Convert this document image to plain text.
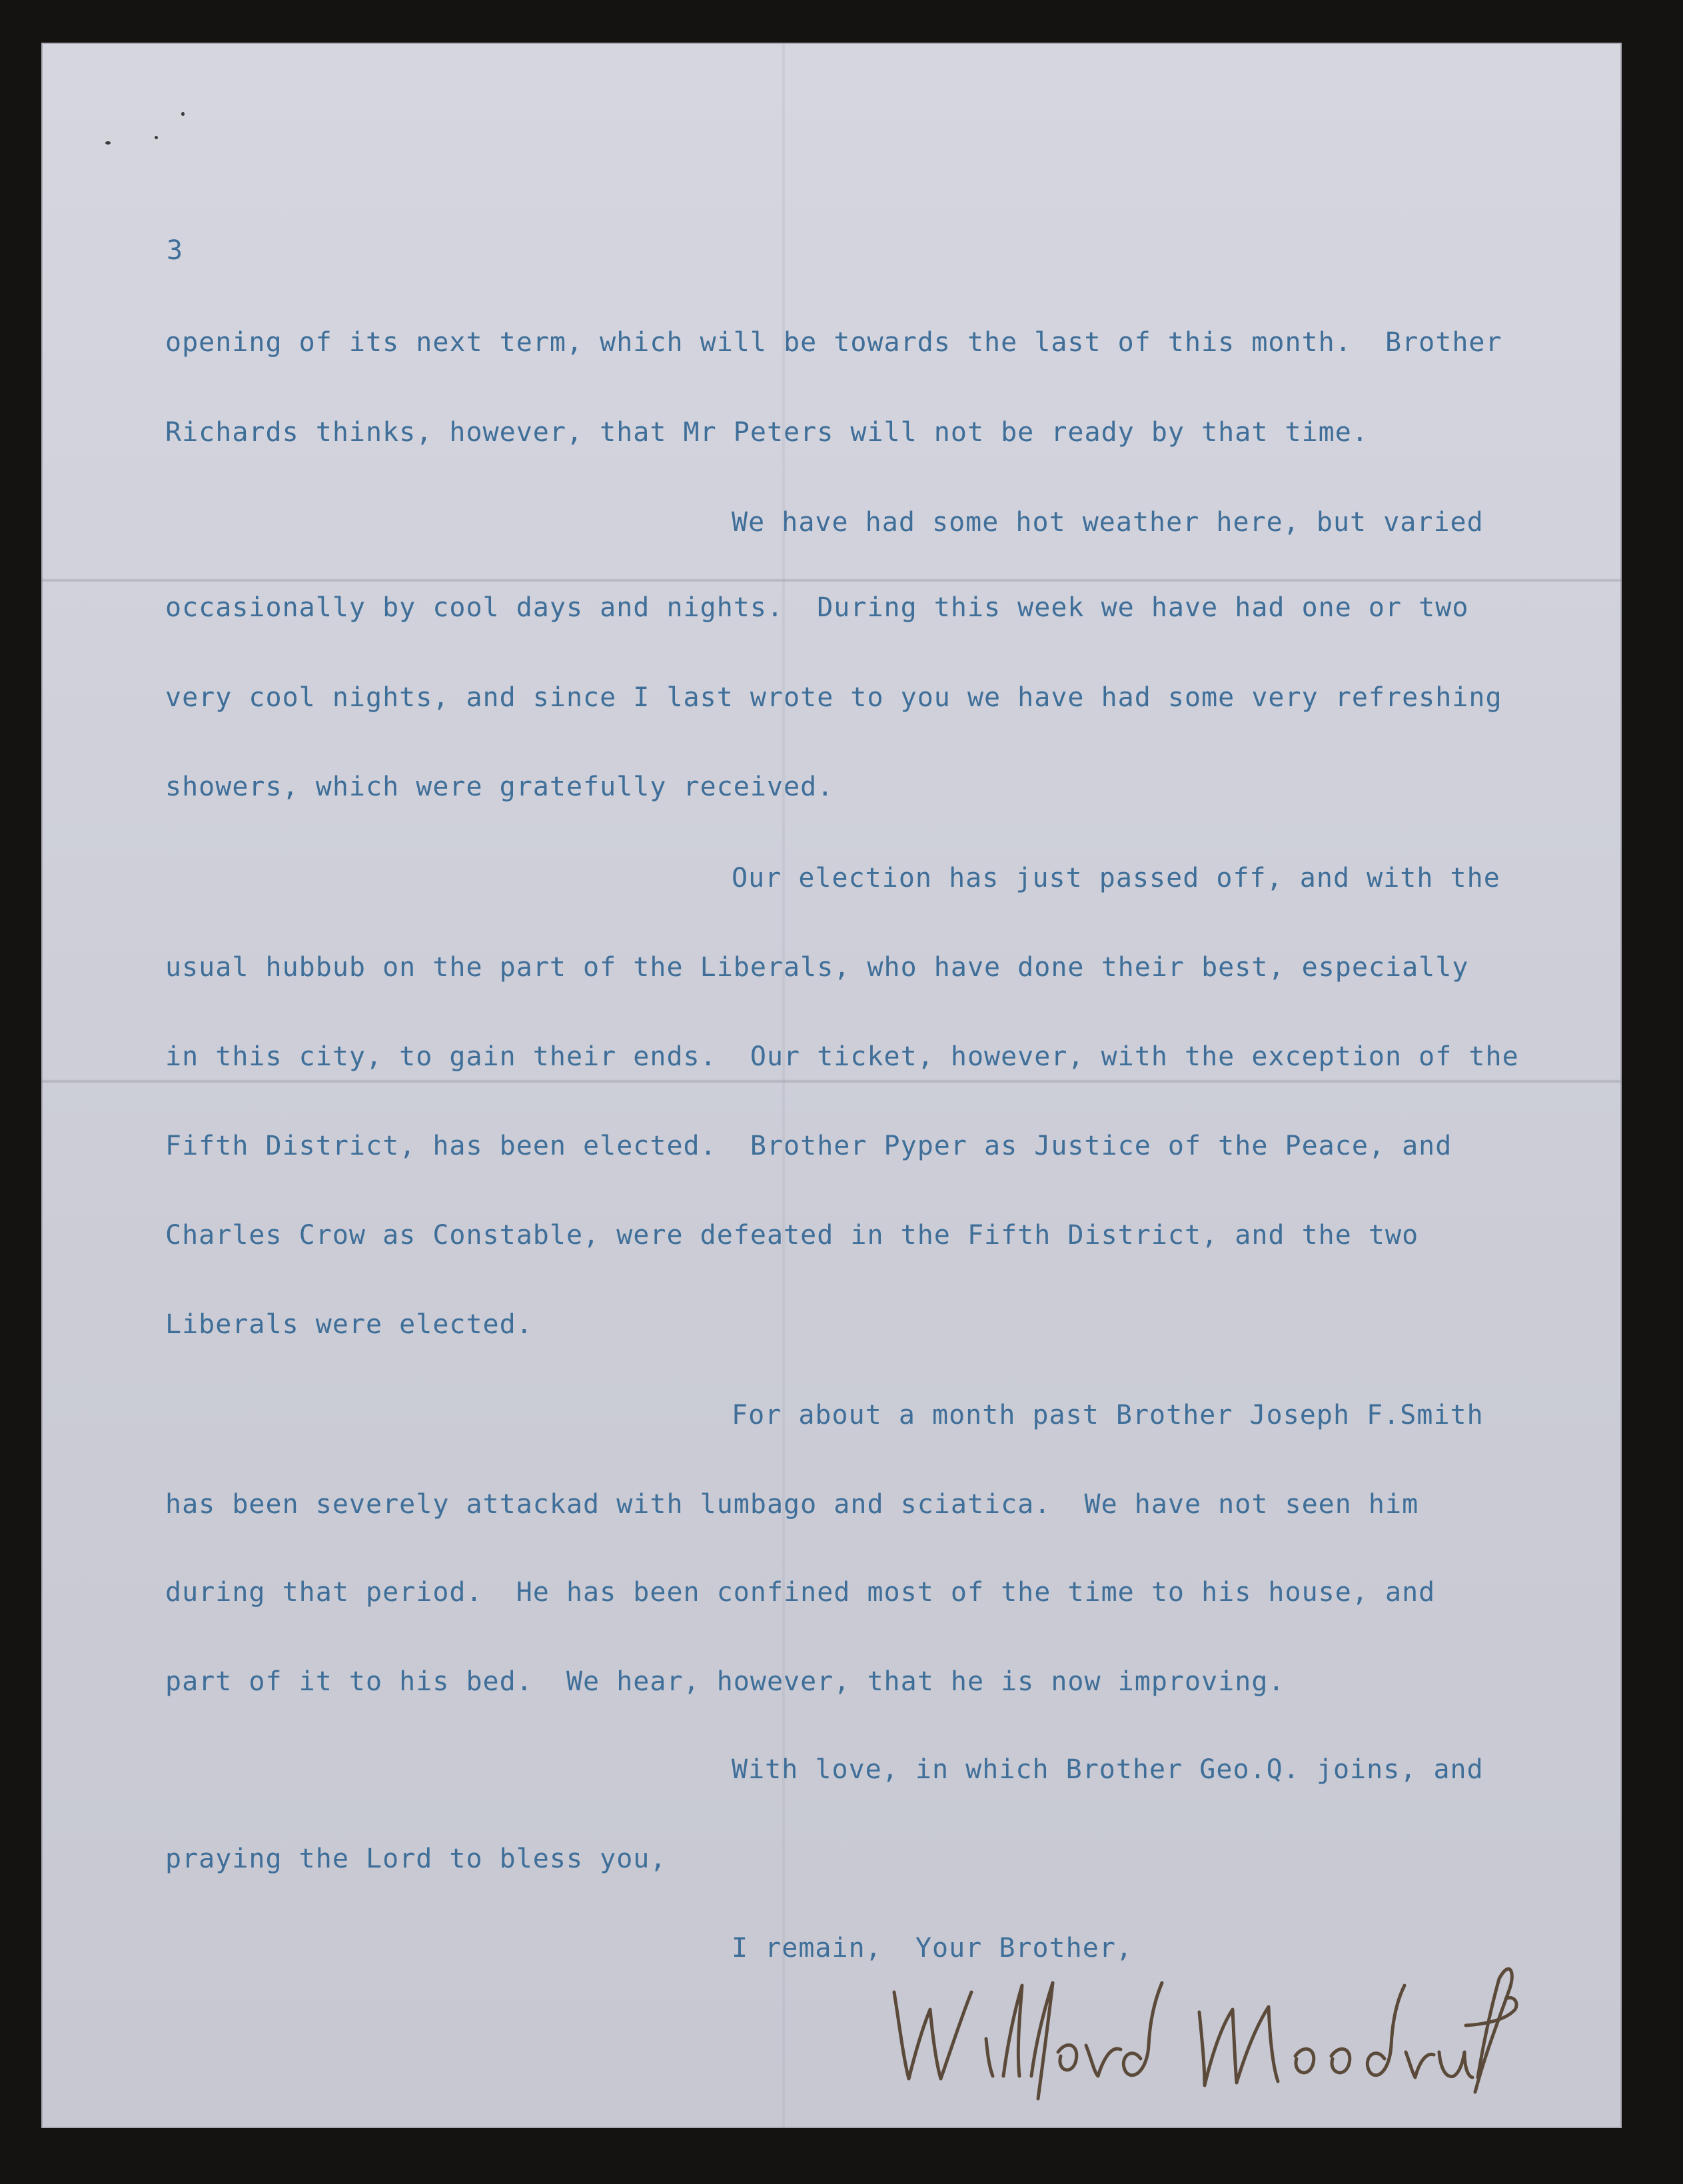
3
opening of its next term, which will be towards the last of this month.  Brother
Richards thinks, however, that Mr Peters will not be ready by that time.
We have had some hot weather here, but varied
occasionally by cool days and nights.  During this week we have had one or two
very cool nights, and since I last wrote to you we have had some very refreshing
showers, which were gratefully received.
Our election has just passed off, and with the
usual hubbub on the part of the Liberals, who have done their best, especially
in this city, to gain their ends.  Our ticket, however, with the exception of the
Fifth District, has been elected.  Brother Pyper as Justice of the Peace, and
Charles Crow as Constable, were defeated in the Fifth District, and the two
Liberals were elected.
For about a month past Brother Joseph F.Smith
has been severely attackad with lumbago and sciatica.  We have not seen him
during that period.  He has been confined most of the time to his house, and
part of it to his bed.  We hear, however, that he is now improving.
With love, in which Brother Geo.Q. joins, and
praying the Lord to bless you,
I remain,  Your Brother,
